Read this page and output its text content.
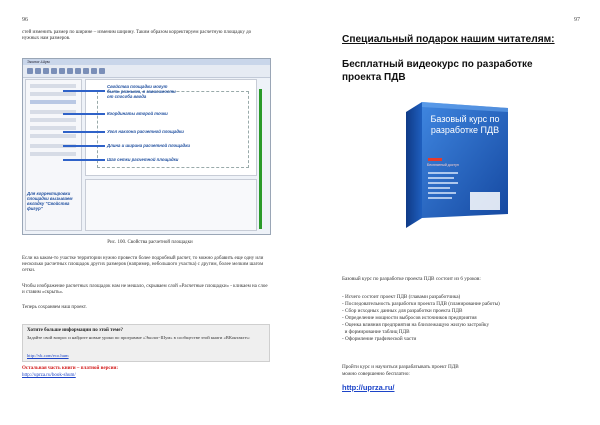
96
стей изменить размер по ширине – изменим ширину. Таким образом корректируем расчетную площадку до нужных нам размеров.
Эколог-Шум
Свойства площадки могут быть разными, в зависимости от способа ввода
Координаты второй точки
Угол наклона расчетной площадки
Длина и ширина расчетной площадки
Шаг сетки расчетной площадки
Для корректировки площадки вызываем вкладку "Свойства фигур"
Рис. 100. Свойства расчетной площадки
Если на каком-то участке территории нужно провести более подробный расчет, то можно добавить еще одну или несколько расчетных площадок других размеров (например, небольшого участка) с другим, более мелким шагом сетки.
Чтобы изображение расчетных площадок нам не мешало, скрываем слой «Расчетные площадки» - кликаем на слое и ставим «скрыть».
Теперь сохраняем наш проект.
Хотите больше информации по этой теме?
Задайте свой вопрос и найдите новые уроки по программе «Эколог-Шум» в сообществе этой книги «ВКонтакте»:
http://vk.com/eco.hum
Остальная часть книги – платной версии:
http://uprza.ru/book-shum/
97
Специальный подарок нашим читателям:
Бесплатный видеокурс по разработке проекта ПДВ
Базовый курс по разработке ПДВ
Бесплатный доступ
Базовый курс по разработке проекта ПДВ состоит из 6 уроков:
- Исчего состоит проект ПДВ (главами разработчика)
- Последовательность разработки проекта ПДВ (планирование работы)
- Сбор исходных данных для разработки проекта ПДВ
- Определение мощности выбросов источников предприятия
- Оценка влияния предприятия на близлежащую жилую застройку
и формирование таблиц ПДВ
- Оформление графической части
Пройти курс и научиться разрабатывать проект ПДВ
можно совершенно бесплатно:
http://uprza.ru/
